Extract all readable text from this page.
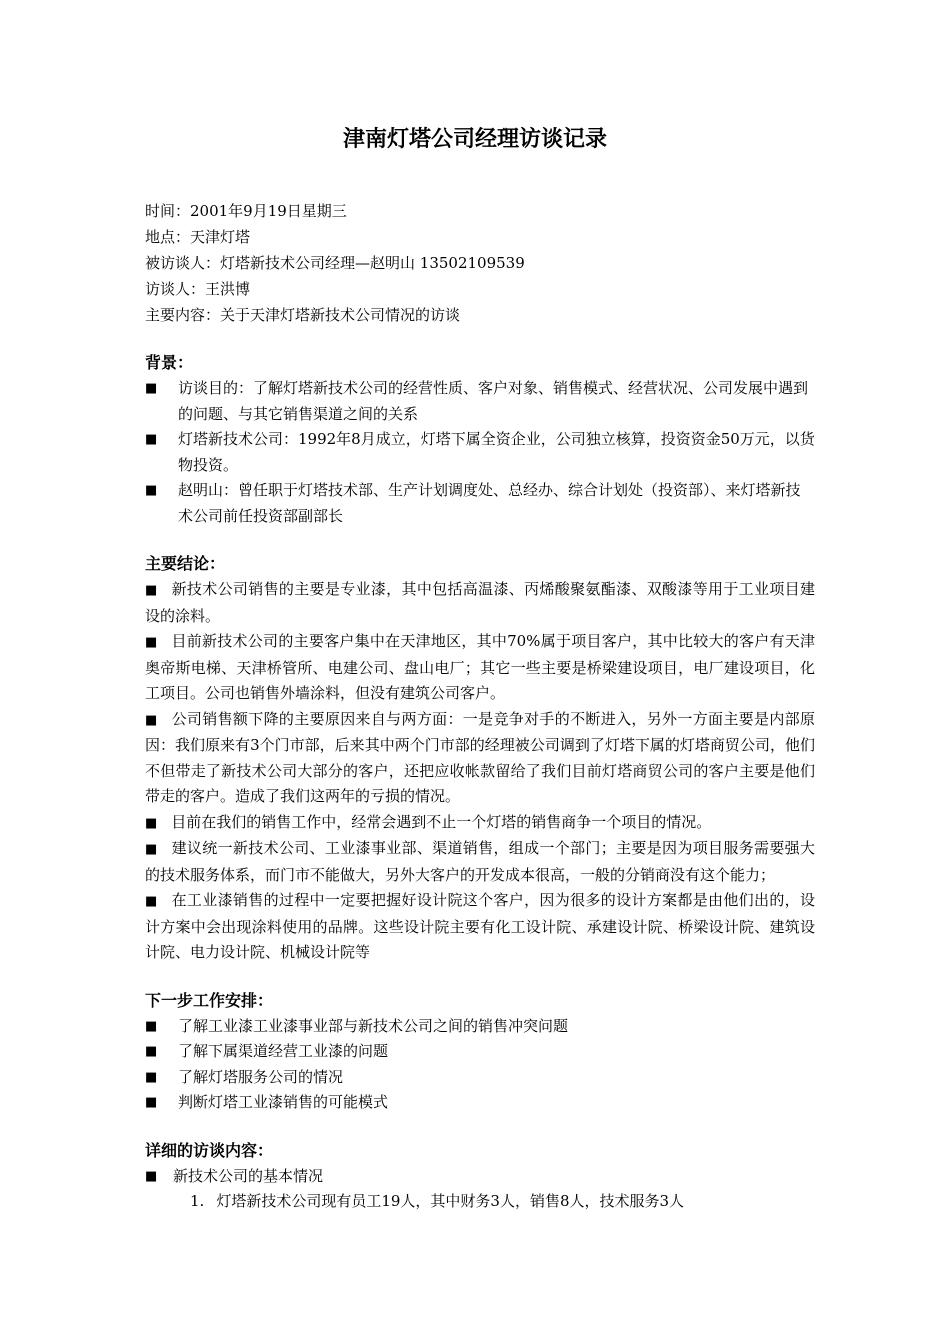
津南灯塔公司经理访谈记录
时间：2001年9月19日星期三
地点：天津灯塔
被访谈人：灯塔新技术公司经理—赵明山 13502109539
访谈人：王洪博
主要内容：关于天津灯塔新技术公司情况的访谈
背景：
■ 访谈目的：了解灯塔新技术公司的经营性质、客户对象、销售模式、经营状况、公司发展中遇到的问题、与其它销售渠道之间的关系
■ 灯塔新技术公司：1992年8月成立，灯塔下属全资企业，公司独立核算，投资资金50万元，以货物投资。
■ 赵明山：曾任职于灯塔技术部、生产计划调度处、总经办、综合计划处（投资部）、来灯塔新技术公司前任投资部副部长
主要结论：
■ 新技术公司销售的主要是专业漆，其中包括高温漆、丙烯酸聚氨酯漆、双酸漆等用于工业项目建设的涂料。
■ 目前新技术公司的主要客户集中在天津地区，其中70%属于项目客户，其中比较大的客户有天津奥帝斯电梯、天津桥管所、电建公司、盘山电厂；其它一些主要是桥梁建设项目，电厂建设项目，化工项目。公司也销售外墙涂料，但没有建筑公司客户。
■ 公司销售额下降的主要原因来自与两方面：一是竞争对手的不断进入，另外一方面主要是内部原因：我们原来有3个门市部，后来其中两个门市部的经理被公司调到了灯塔下属的灯塔商贸公司，他们不但带走了新技术公司大部分的客户，还把应收帐款留给了我们目前灯塔商贸公司的客户主要是他们带走的客户。造成了我们这两年的亏损的情况。
■ 目前在我们的销售工作中，经常会遇到不止一个灯塔的销售商争一个项目的情况。
■ 建议统一新技术公司、工业漆事业部、渠道销售，组成一个部门；主要是因为项目服务需要强大的技术服务体系，而门市不能做大，另外大客户的开发成本很高，一般的分销商没有这个能力；
■ 在工业漆销售的过程中一定要把握好设计院这个客户，因为很多的设计方案都是由他们出的，设计方案中会出现涂料使用的品牌。这些设计院主要有化工设计院、承建设计院、桥梁设计院、建筑设计院、电力设计院、机械设计院等
下一步工作安排：
■ 了解工业漆工业漆事业部与新技术公司之间的销售冲突问题
■ 了解下属渠道经营工业漆的问题
■ 了解灯塔服务公司的情况
■ 判断灯塔工业漆销售的可能模式
详细的访谈内容：
■ 新技术公司的基本情况
1. 灯塔新技术公司现有员工19人，其中财务3人，销售8人，技术服务3人
